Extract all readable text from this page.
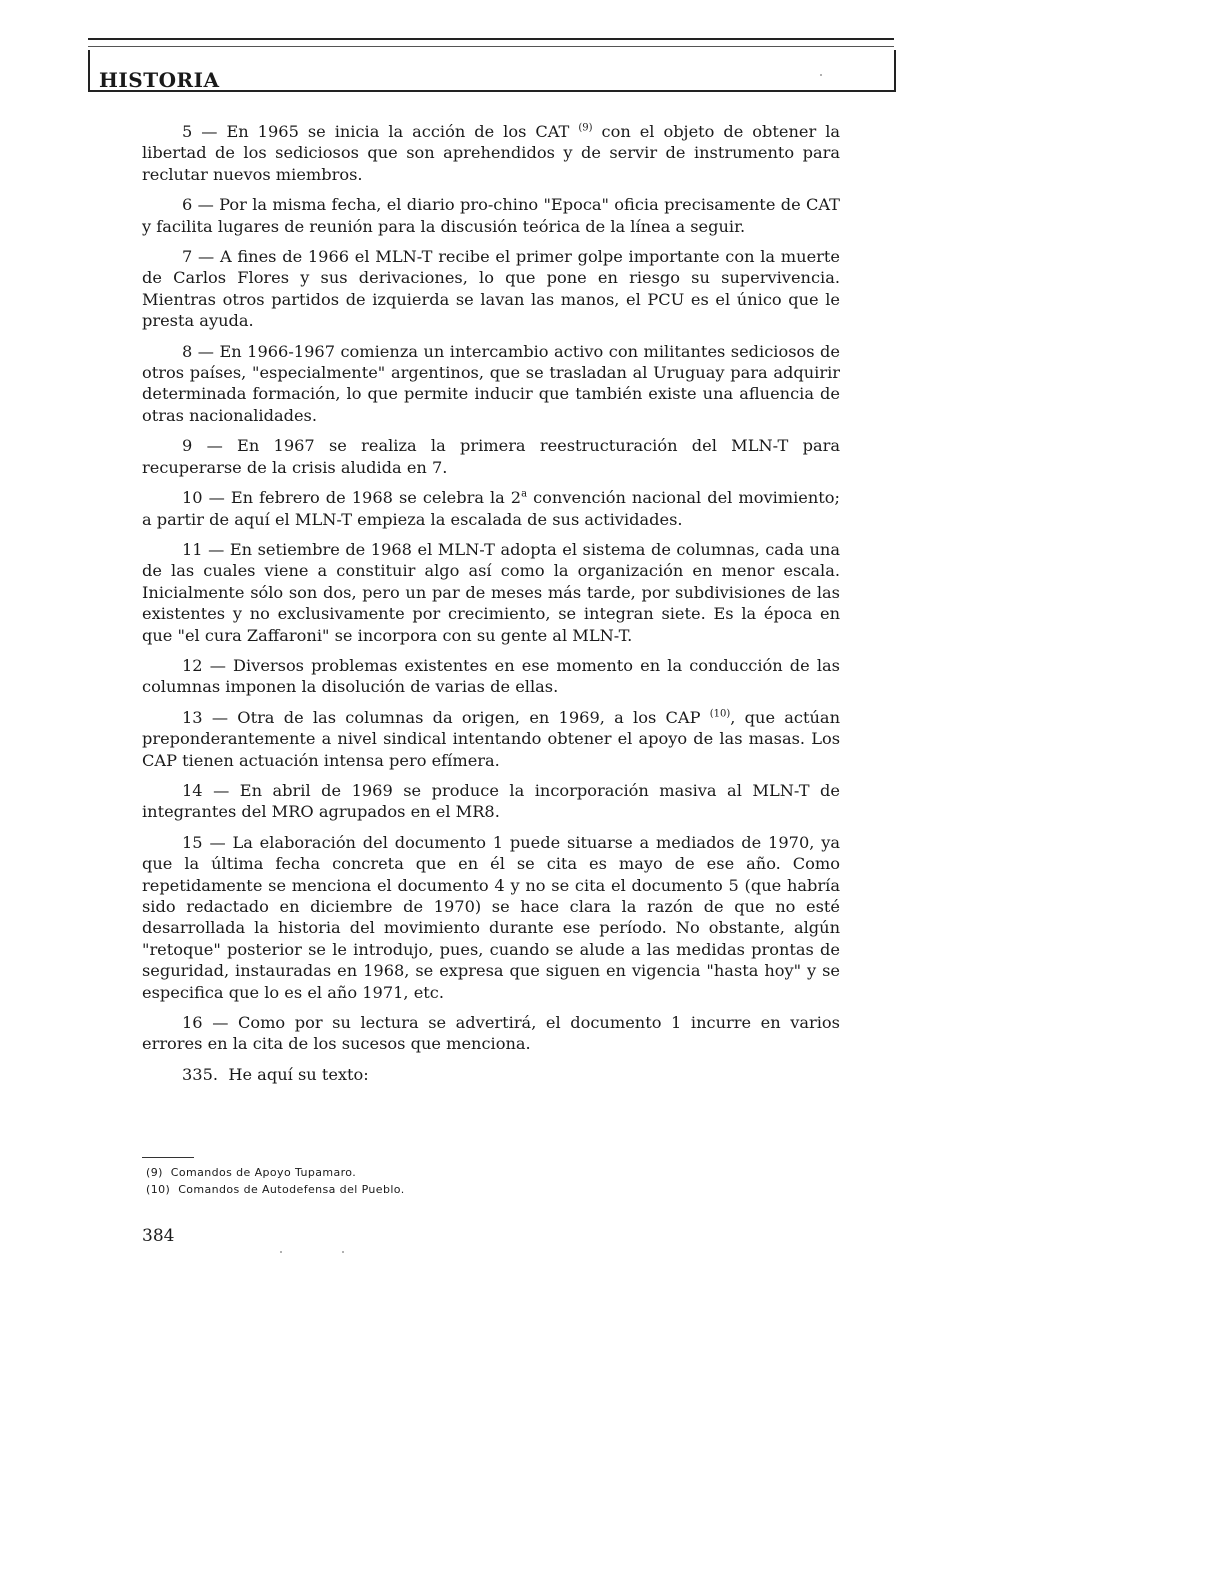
HISTORIA

5 — En 1965 se inicia la acción de los CAT $^{(9)}$ con el objeto de obtener la libertad de los sediciosos que son aprehendidos y de servir de instrumento para reclutar nuevos miembros.

6 — Por la misma fecha, el diario pro-chino "Epoca" oficia precisamente de CAT y facilita lugares de reunión para la discusión teórica de la línea a seguir.

7 — A fines de 1966 el MLN-T recibe el primer golpe importante con la muerte de Carlos Flores y sus derivaciones, lo que pone en riesgo su supervivencia. Mientras otros partidos de izquierda se lavan las manos, el PCU es el único que le presta ayuda.

8 — En 1966-1967 comienza un intercambio activo con militantes sediciosos de otros países, "especialmente" argentinos, que se trasladan al Uruguay para adquirir determinada formación, lo que permite inducir que también existe una afluencia de otras nacionalidades.

9 — En 1967 se realiza la primera reestructuración del MLN-T para recuperarse de la crisis aludida en 7.

10 — En febrero de 1968 se celebra la 2$^a$ convención nacional del movimiento; a partir de aquí el MLN-T empieza la escalada de sus actividades.

11 — En setiembre de 1968 el MLN-T adopta el sistema de columnas, cada una de las cuales viene a constituir algo así como la organización en menor escala. Inicialmente sólo son dos, pero un par de meses más tarde, por subdivisiones de las existentes y no exclusivamente por crecimiento, se integran siete. Es la época en que "el cura Zaffaroni" se incorpora con su gente al MLN-T.

12 — Diversos problemas existentes en ese momento en la conducción de las columnas imponen la disolución de varias de ellas.

13 — Otra de las columnas da origen, en 1969, a los CAP $^{(10)}$, que actúan preponderantemente a nivel sindical intentando obtener el apoyo de las masas. Los CAP tienen actuación intensa pero efímera.

14 — En abril de 1969 se produce la incorporación masiva al MLN-T de integrantes del MRO agrupados en el MR8.

15 — La elaboración del documento 1 puede situarse a mediados de 1970, ya que la última fecha concreta que en él se cita es mayo de ese año. Como repetidamente se menciona el documento 4 y no se cita el documento 5 (que habría sido redactado en diciembre de 1970) se hace clara la razón de que no esté desarrollada la historia del movimiento durante ese período. No obstante, algún "retoque" posterior se le introdujo, pues, cuando se alude a las medidas prontas de seguridad, instauradas en 1968, se expresa que siguen en vigencia "hasta hoy" y se especifica que lo es el año 1971, etc.

16 — Como por su lectura se advertirá, el documento 1 incurre en varios errores en la cita de los sucesos que menciona.

335. He aquí su texto:

(9) Comandos de Apoyo Tupamaro.

(10) Comandos de Autodefensa del Pueblo.

384
